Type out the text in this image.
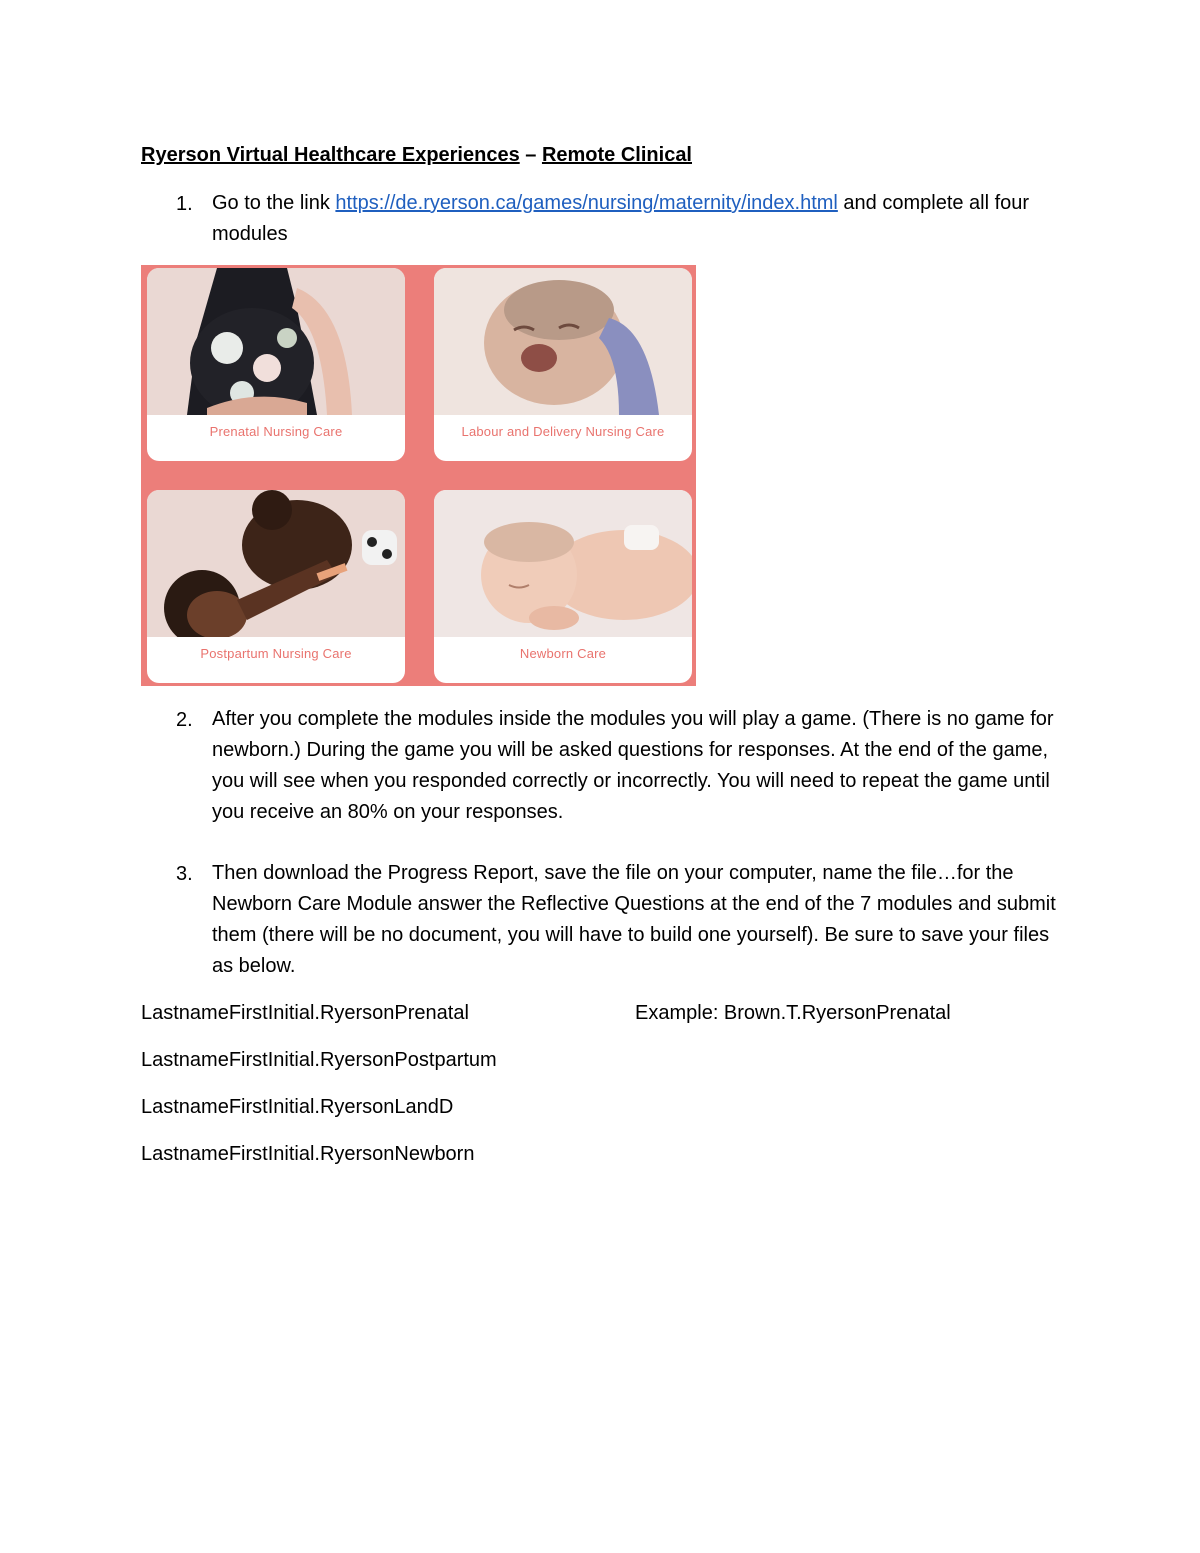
Ryerson Virtual Healthcare Experiences – Remote Clinical
1. Go to the link https://de.ryerson.ca/games/nursing/maternity/index.html and complete all four modules
Prenatal Nursing Care	Labour and Delivery Nursing Care
Postpartum Nursing Care	Newborn Care
2. After you complete the modules inside the modules you will play a game. (There is no game for newborn.) During the game you will be asked questions for responses. At the end of the game, you will see when you responded correctly or incorrectly. You will need to repeat the game until you receive an 80% on your responses.
3. Then download the Progress Report, save the file on your computer, name the file…for the Newborn Care Module answer the Reflective Questions at the end of the 7 modules and submit them (there will be no document, you will have to build one yourself). Be sure to save your files as below.
LastnameFirstInitial.RyersonPrenatal	Example: Brown.T.RyersonPrenatal
LastnameFirstInitial.RyersonPostpartum
LastnameFirstInitial.RyersonLandD
LastnameFirstInitial.RyersonNewborn
